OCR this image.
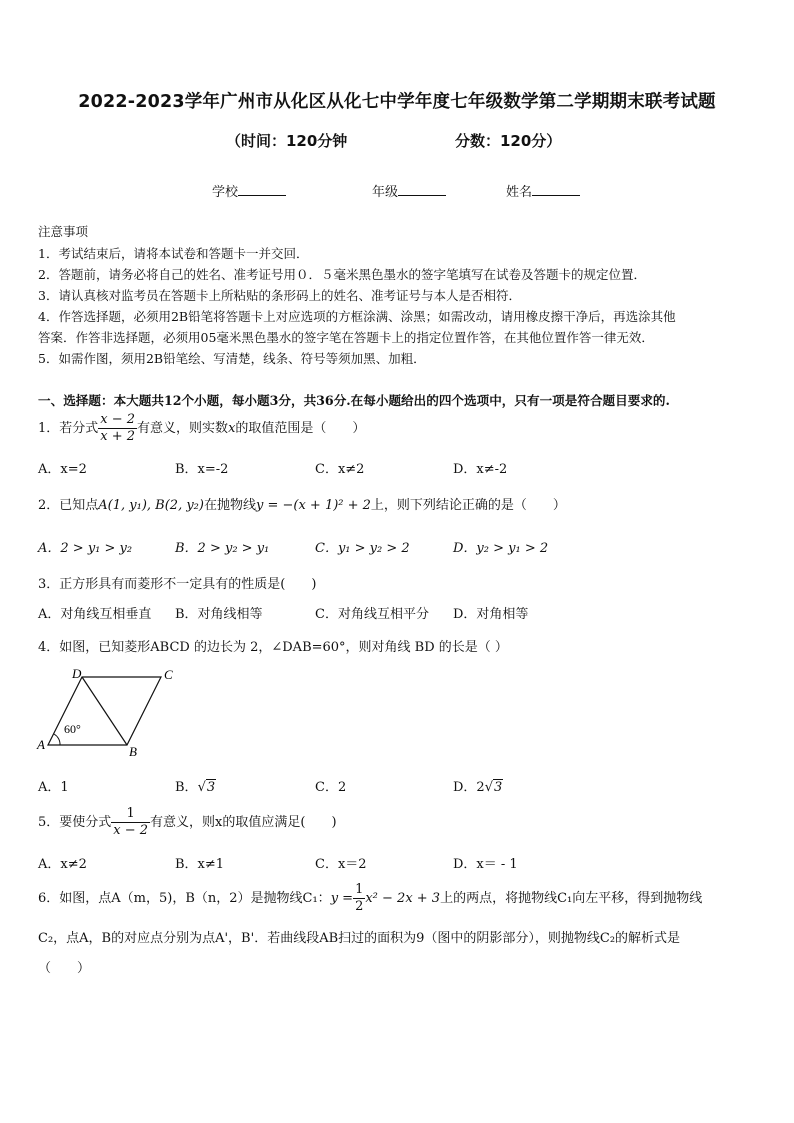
2022-2023学年广州市从化区从化七中学年度七年级数学第二学期期末联考试题
（时间：120分钟	分数：120分）
学校	年级	姓名
注意事项
1．考试结束后，请将本试卷和答题卡一并交回．
2．答题前，请务必将自己的姓名、准考证号用０．５毫米黑色墨水的签字笔填写在试卷及答题卡的规定位置．
3．请认真核对监考员在答题卡上所粘贴的条形码上的姓名、准考证号与本人是否相符．
4．作答选择题，必须用2B铅笔将答题卡上对应选项的方框涂满、涂黑；如需改动，请用橡皮擦干净后，再选涂其他
答案．作答非选择题，必须用05毫米黑色墨水的签字笔在答题卡上的指定位置作答，在其他位置作答一律无效．
5．如需作图，须用2B铅笔绘、写清楚，线条、符号等须加黑、加粗．
一、选择题：本大题共12个小题，每小题3分，共36分.在每小题给出的四个选项中，只有一项是符合题目要求的.
1．若分式 $\frac{x - 2}{x + 2}$ 有意义，则实数x的取值范围是（　　）
A．x=2	B．x=-2	C．x≠2	D．x≠-2
2．已知点A(1, y₁), B(2, y₂)在抛物线y = −(x + 1)² + 2上，则下列结论正确的是（　　）
A．2 > y₁ > y₂	B．2 > y₂ > y₁	C．y₁ > y₂ > 2	D．y₂ > y₁ > 2
3．正方形具有而菱形不一定具有的性质是(　　)
A．对角线互相垂直 B．对角线相等	C．对角线互相平分 D．对角相等
4．如图，已知菱形ABCD 的边长为 2，∠DAB=60°，则对角线 BD 的长是（ ）
D	C
A	B
60°
A．1	B．√3	C．2	D．2√3
5．要使分式 $\frac{1}{x - 2}$ 有意义，则x的取值应满足(　　)
A．x≠2	B．x≠1	C．x＝2	D．x＝ - 1
6．如图，点A（m，5)，B（n，2）是抛物线C₁：$y = \frac{1}{2} x^2 - 2x + 3$上的两点，将抛物线C₁向左平移，得到抛物线
C₂，点A，B的对应点分别为点A'，B'．若曲线段AB扫过的面积为9（图中的阴影部分），则抛物线C₂的解析式是
（　　）
